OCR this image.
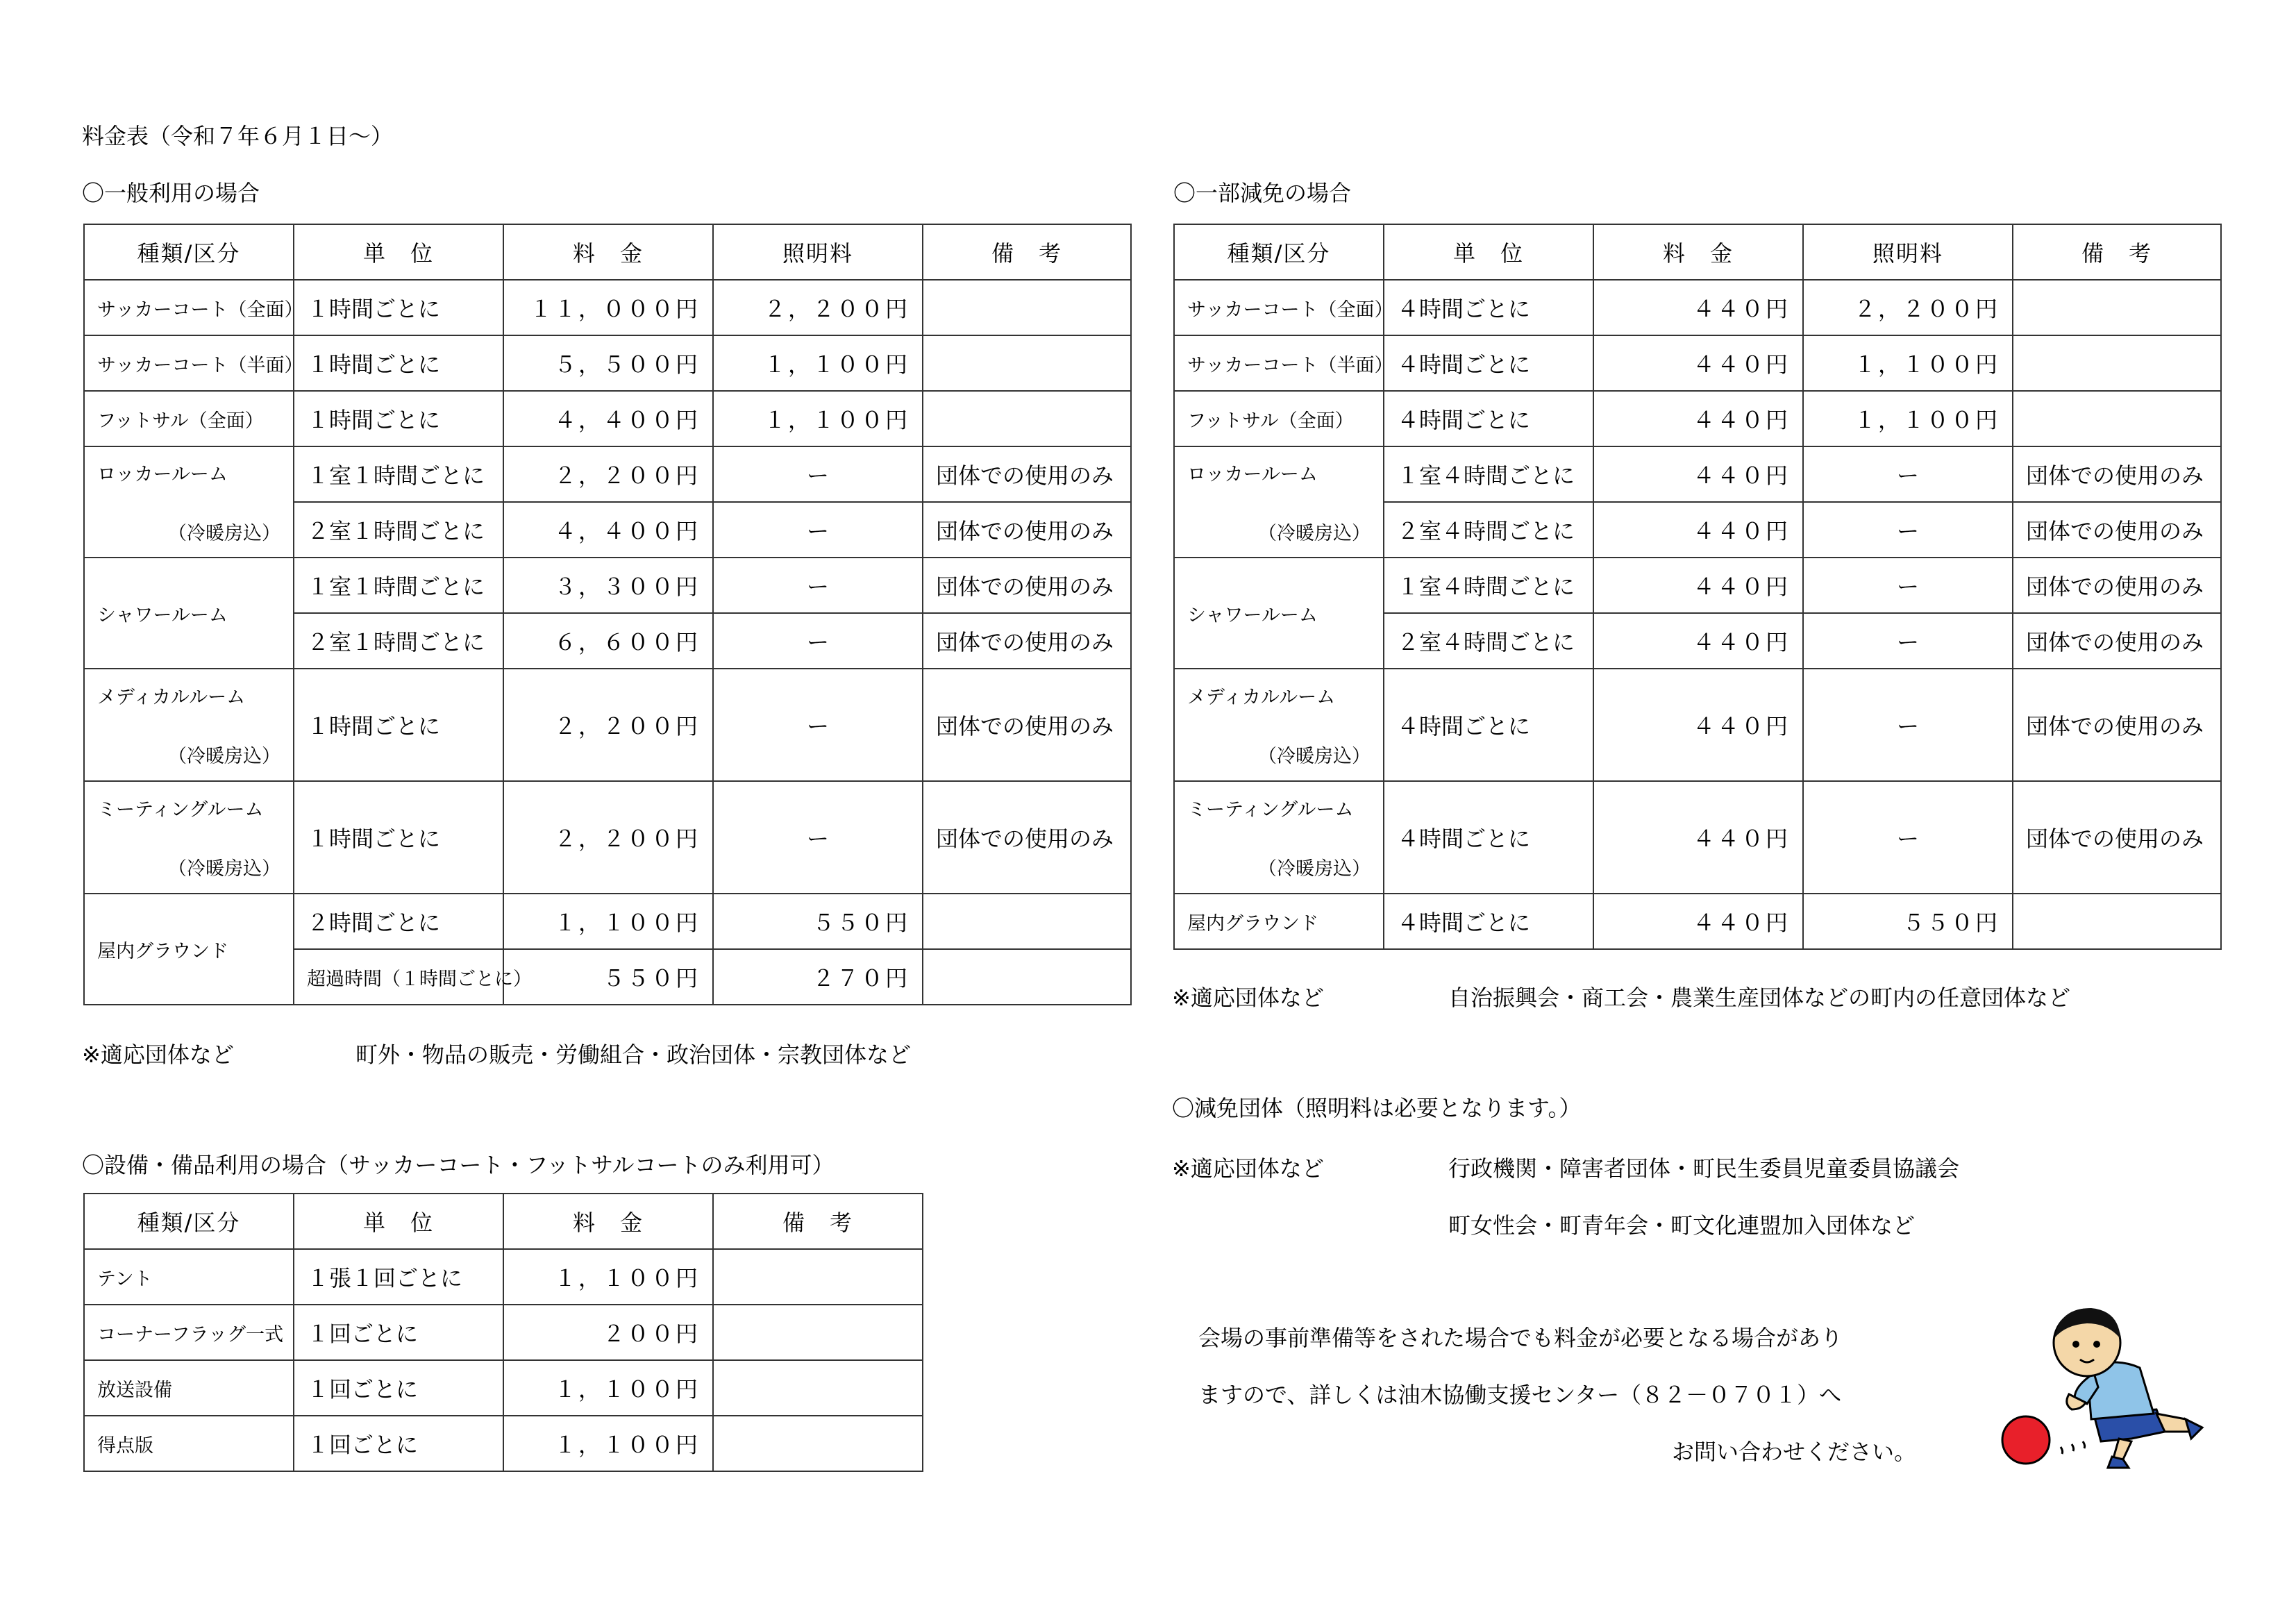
料金表（令和７年６月１日～）
〇一般利用の場合
種類/区分	単　位	料　金	照明料	備　考
サッカーコート（全面）	１時間ごとに	１１，０００円	２，２００円	
サッカーコート（半面）	１時間ごとに	５，５００円	１，１００円	
フットサル（全面）	１時間ごとに	４，４００円	１，１００円	

ロッカールーム
（冷暖房込）	１室１時間ごとに	２，２００円	ー	団体での使用のみ
	２室１時間ごとに	４，４００円	ー	団体での使用のみ
シャワールーム	１室１時間ごとに	３，３００円	ー	団体での使用のみ
	２室１時間ごとに	６，６００円	ー	団体での使用のみ

メディカルルーム
（冷暖房込）	１時間ごとに	２，２００円	ー	団体での使用のみ

ミーティングルーム
（冷暖房込）	１時間ごとに	２，２００円	ー	団体での使用のみ
屋内グラウンド	２時間ごとに	１，１００円	５５０円	
	超過時間（１時間ごとに）	５５０円	２７０円	
※適応団体など	町外・物品の販売・労働組合・政治団体・宗教団体など
〇一部減免の場合
種類/区分	単　位	料　金	照明料	備　考
サッカーコート（全面）	４時間ごとに	４４０円	２，２００円	
サッカーコート（半面）	４時間ごとに	４４０円	１，１００円	
フットサル（全面）	４時間ごとに	４４０円	１，１００円	

ロッカールーム
（冷暖房込）	１室４時間ごとに	４４０円	ー	団体での使用のみ
	２室４時間ごとに	４４０円	ー	団体での使用のみ
シャワールーム	１室４時間ごとに	４４０円	ー	団体での使用のみ
	２室４時間ごとに	４４０円	ー	団体での使用のみ

メディカルルーム
（冷暖房込）	４時間ごとに	４４０円	ー	団体での使用のみ

ミーティングルーム
（冷暖房込）	４時間ごとに	４４０円	ー	団体での使用のみ
屋内グラウンド	４時間ごとに	４４０円	５５０円	
※適応団体など	自治振興会・商工会・農業生産団体などの町内の任意団体など
〇設備・備品利用の場合（サッカーコート・フットサルコートのみ利用可）
種類/区分	単　位	料　金	備　考
テント	１張１回ごとに	１，１００円	
コーナーフラッグ一式	１回ごとに	２００円	
放送設備	１回ごとに	１，１００円	
得点版	１回ごとに	１，１００円	
〇減免団体（照明料は必要となります。）
※適応団体など	行政機関・障害者団体・町民生委員児童委員協議会
町女性会・町青年会・町文化連盟加入団体など
会場の事前準備等をされた場合でも料金が必要となる場合があり
ますので、詳しくは油木協働支援センター（８２－０７０１）へ
お問い合わせください。
